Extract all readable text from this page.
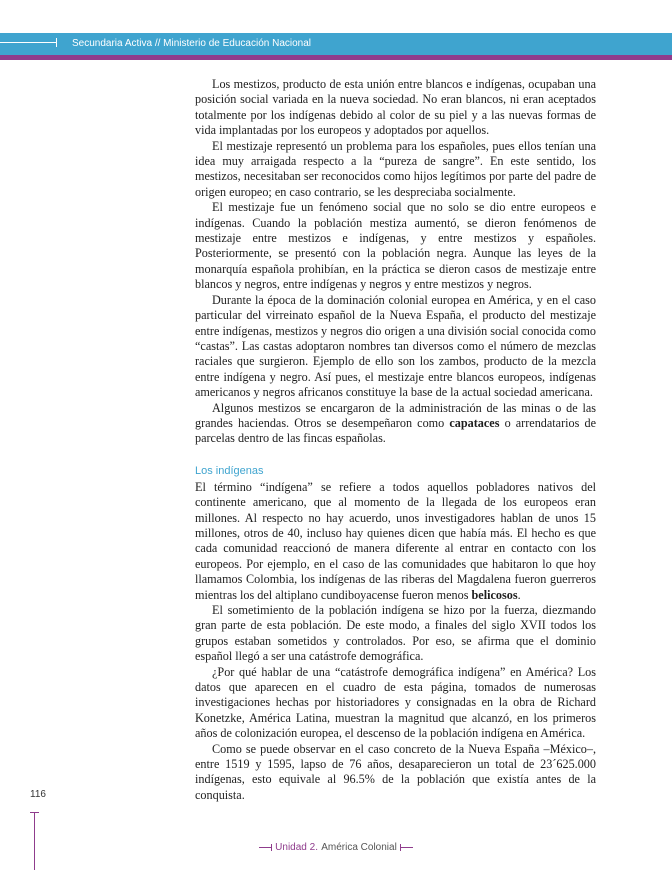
Secundaria Activa // Ministerio de Educación Nacional

Los mestizos, producto de esta unión entre blancos e indígenas, ocupaban una posición social variada en la nueva sociedad. No eran blancos, ni eran aceptados totalmente por los indígenas debido al color de su piel y a las nuevas formas de vida implantadas por los europeos y adoptados por aquellos.

El mestizaje representó un problema para los españoles, pues ellos tenían una idea muy arraigada respecto a la “pureza de sangre”. En este sentido, los mestizos, necesitaban ser reconocidos como hijos legítimos por parte del padre de origen europeo; en caso contrario, se les despreciaba socialmente.

El mestizaje fue un fenómeno social que no solo se dio entre europeos e indígenas. Cuando la población mestiza aumentó, se dieron fenómenos de mestizaje entre mestizos e indígenas, y entre mestizos y españoles. Posteriormente, se presentó con la población negra. Aunque las leyes de la monarquía española prohibían, en la práctica se dieron casos de mestizaje entre blancos y negros, entre indígenas y negros y entre mestizos y negros.

Durante la época de la dominación colonial europea en América, y en el caso particular del virreinato español de la Nueva España, el producto del mestizaje entre indígenas, mestizos y negros dio origen a una división social conocida como “castas”. Las castas adoptaron nombres tan diversos como el número de mezclas raciales que surgieron. Ejemplo de ello son los zambos, producto de la mezcla entre indígena y negro. Así pues, el mestizaje entre blancos europeos, indígenas americanos y negros africanos constituye la base de la actual sociedad americana.

Algunos mestizos se encargaron de la administración de las minas o de las grandes haciendas. Otros se desempeñaron como capataces o arrendatarios de parcelas dentro de las fincas españolas.

Los indígenas

El término “indígena” se refiere a todos aquellos pobladores nativos del continente americano, que al momento de la llegada de los europeos eran millones. Al respecto no hay acuerdo, unos investigadores hablan de unos 15 millones, otros de 40, incluso hay quienes dicen que había más. El hecho es que cada comunidad reaccionó de manera diferente al entrar en contacto con los europeos. Por ejemplo, en el caso de las comunidades que habitaron lo que hoy llamamos Colombia, los indígenas de las riberas del Magdalena fueron guerreros mientras los del altiplano cundiboyacense fueron menos belicosos.

El sometimiento de la población indígena se hizo por la fuerza, diezmando gran parte de esta población. De este modo, a finales del siglo XVII todos los grupos estaban sometidos y controlados. Por eso, se afirma que el dominio español llegó a ser una catástrofe demográfica.

¿Por qué hablar de una “catástrofe demográfica indígena” en América? Los datos que aparecen en el cuadro de esta página, tomados de numerosas investigaciones hechas por historiadores y consignadas en la obra de Richard Konetzke, América Latina, muestran la magnitud que alcanzó, en los primeros años de colonización europea, el descenso de la población indígena en América.

Como se puede observar en el caso concreto de la Nueva España –México–, entre 1519 y 1595, lapso de 76 años, desaparecieron un total de 23´625.000 indígenas, esto equivale al 96.5% de la población que existía antes de la conquista.

116
Unidad 2. América Colonial
